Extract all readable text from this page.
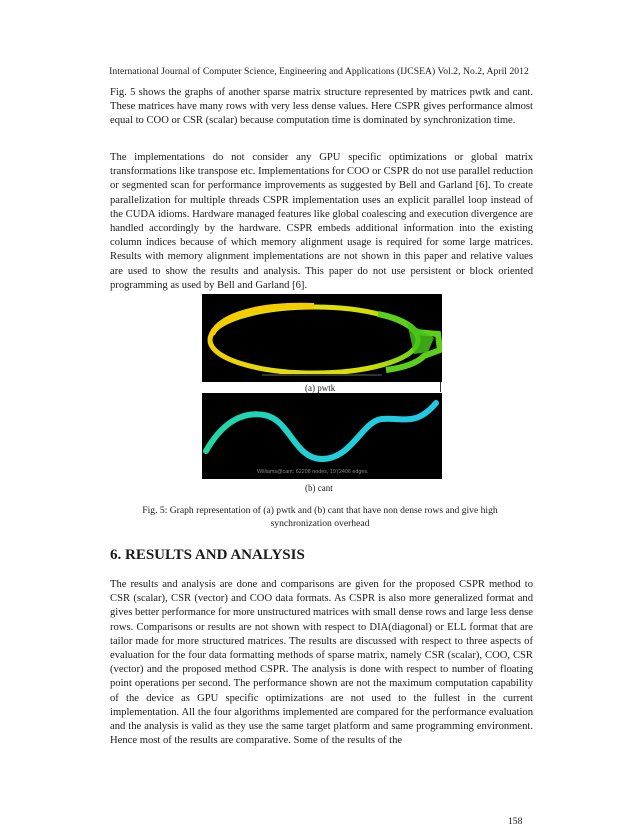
International Journal of Computer Science, Engineering and Applications (IJCSEA) Vol.2, No.2, April 2012

Fig. 5 shows the graphs of another sparse matrix structure represented by matrices pwtk and cant. These matrices have many rows with very less dense values. Here CSPR gives performance almost equal to COO or CSR (scalar) because computation time is dominated by synchronization time.

The implementations do not consider any GPU specific optimizations or global matrix transformations like transpose etc. Implementations for COO or CSPR do not use parallel reduction or segmented scan for performance improvements as suggested by Bell and Garland [6]. To create parallelization for multiple threads CSPR implementation uses an explicit parallel loop instead of the CUDA idioms. Hardware managed features like global coalescing and execution divergence are handled accordingly by the hardware. CSPR embeds additional information into the existing column indices because of which memory alignment usage is required for some large matrices. Results with memory alignment implementations are not shown in this paper and relative values are used to show the results and analysis. This paper do not use persistent or block oriented programming as used by Bell and Garland [6].

(a) pwtk
Williams@cant: 62208 nodes, 1972406 edges.
(b) cant

Fig. 5: Graph representation of (a) pwtk and (b) cant that have non dense rows and give high
synchronization overhead

6. RESULTS AND ANALYSIS

The results and analysis are done and comparisons are given for the proposed CSPR method to CSR (scalar), CSR (vector) and COO data formats. As CSPR is also more generalized format and gives better performance for more unstructured matrices with small dense rows and large less dense rows. Comparisons or results are not shown with respect to DIA(diagonal) or ELL format that are tailor made for more structured matrices. The results are discussed with respect to three aspects of evaluation for the four data formatting methods of sparse matrix, namely CSR (scalar), COO, CSR (vector) and the proposed method CSPR. The analysis is done with respect to number of floating point operations per second. The performance shown are not the maximum computation capability of the device as GPU specific optimizations are not used to the fullest in the current implementation. All the four algorithms implemented are compared for the performance evaluation and the analysis is valid as they use the same target platform and same programming environment. Hence most of the results are comparative. Some of the results of the

158
